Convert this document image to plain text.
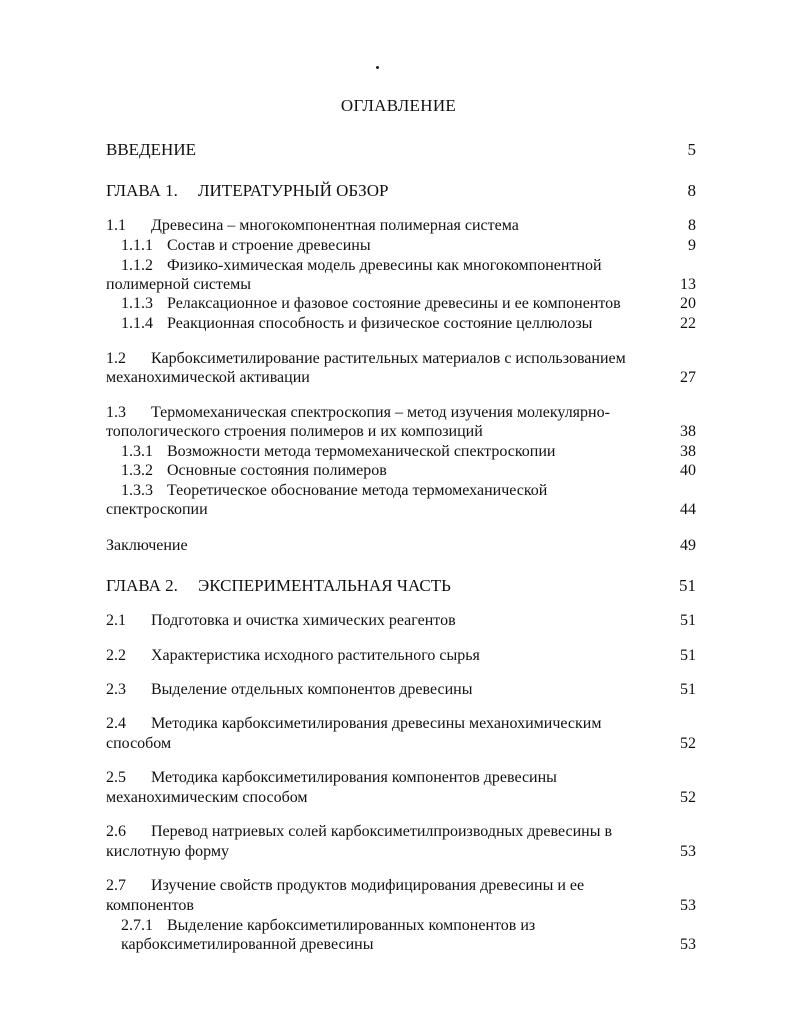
ОГЛАВЛЕНИЕ
ВВЕДЕНИЕ	5
ГЛАВА 1. ЛИТЕРАТУРНЫЙ ОБЗОР	8
1.1 Древесина – многокомпонентная полимерная система	8
1.1.1 Состав и строение древесины	9
1.1.2 Физико-химическая модель древесины как многокомпонентной
полимерной системы	13
1.1.3 Релаксационное и фазовое состояние древесины и ее компонентов	20
1.1.4 Реакционная способность и физическое состояние целлюлозы	22
1.2 Карбоксиметилирование растительных материалов с использованием
механохимической активации	27
1.3 Термомеханическая спектроскопия – метод изучения молекулярно-
топологического строения полимеров и их композиций	38
1.3.1 Возможности метода термомеханической спектроскопии	38
1.3.2 Основные состояния полимеров	40
1.3.3 Теоретическое обоснование метода термомеханической
спектроскопии	44
Заключение	49
ГЛАВА 2. ЭКСПЕРИМЕНТАЛЬНАЯ ЧАСТЬ	51
2.1 Подготовка и очистка химических реагентов	51
2.2 Характеристика исходного растительного сырья	51
2.3 Выделение отдельных компонентов древесины	51
2.4 Методика карбоксиметилирования древесины механохимическим
способом	52
2.5 Методика карбоксиметилирования компонентов древесины
механохимическим способом	52
2.6 Перевод натриевых солей карбоксиметилпроизводных древесины в
кислотную форму	53
2.7 Изучение свойств продуктов модифицирования древесины и ее
компонентов	53
2.7.1 Выделение карбоксиметилированных компонентов из
карбоксиметилированной древесины	53
